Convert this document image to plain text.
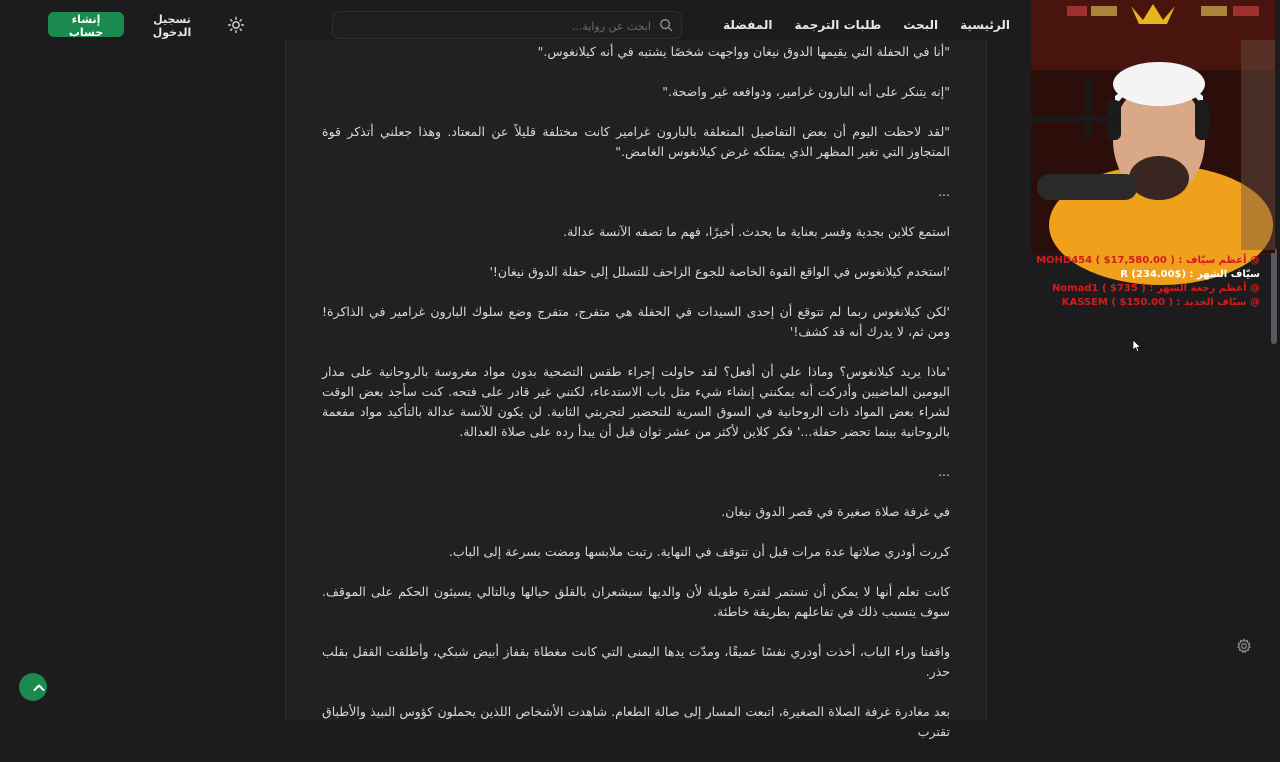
الرئيسية
البحث
طلبات الترجمة
المفضلة
ابحث عن رواية...
تسجيل الدخول
إنشاء حساب

"أنا في الحفلة التي يقيمها الدوق نيغان وواجهت شخصًا يشتبه في أنه كيلانغوس."

"إنه يتنكر على أنه البارون غرامير، ودوافعه غير واضحة."

"لقد لاحظت اليوم أن بعض التفاصيل المتعلقة بالبارون غرامير كانت مختلفة قليلاً عن المعتاد. وهذا جعلني أتذكر قوة المتجاوز التي تغير المظهر الذي يمتلكه غرض كيلانغوس الغامض."

...

استمع كلاين بجدية وفسر بعناية ما يحدث. أخيرًا، فهم ما تصفه الآنسة عدالة.

'استخدم كيلانغوس في الواقع القوة الخاصة للجوع الزاحف للتسلل إلى حفلة الدوق نيغان!'

'لكن كيلانغوس ربما لم تتوقع أن إحدى السيدات في الحفلة هي متفرج، متفرج وضع سلوك البارون غرامير في الذاكرة! ومن ثم، لا يدرك أنه قد كشف!'

'ماذا يريد كيلانغوس؟ وماذا علي أن أفعل؟ لقد حاولت إجراء طقس التضحية بدون مواد مغروسة بالروحانية على مدار اليومين الماضيين وأدركت أنه يمكنني إنشاء شيء مثل باب الاستدعاء، لكنني غير قادر على فتحه. كنت سأجد بعض الوقت لشراء بعض المواد ذات الروحانية في السوق السرية للتحضير لتجربتي الثانية. لن يكون للآنسة عدالة بالتأكيد مواد مفعمة بالروحانية بينما تحضر حفلة...' فكر كلاين لأكثر من عشر ثوان قبل أن يبدأ رده على صلاة العدالة.

...

في غرفة صلاة صغيرة في قصر الدوق نيغان.

كررت أودري صلاتها عدة مرات قبل أن تتوقف في النهاية. رتبت ملابسها ومضت بسرعة إلى الباب.

كانت تعلم أنها لا يمكن أن تستمر لفترة طويلة لأن والديها سيشعران بالقلق حيالها وبالتالي يسيئون الحكم على الموقف. سوف يتسبب ذلك في تفاعلهم بطريقة خاطئة.

واقفتا وراء الباب، أخذت أودري نفسًا عميقًا، ومدّت يدها اليمنى التي كانت مغطاة بقفاز أبيض شبكي، وأطلقت القفل بقلب حذر.

بعد مغادرة غرفة الصلاة الصغيرة، اتبعت المسار إلى صالة الطعام. شاهدت الأشخاص اللذين يحملون كؤوس النبيذ والأطباق تقترب

@ أعظم سيّاف : MOHD454 ( $17,580.00 )
سيّاف الشهر : ($234.00) R
@ أعظم رجعة الشهر : Nomad1 ( $735 )
@ سيّاف الجديد : KASSEM ( $150.00 )
